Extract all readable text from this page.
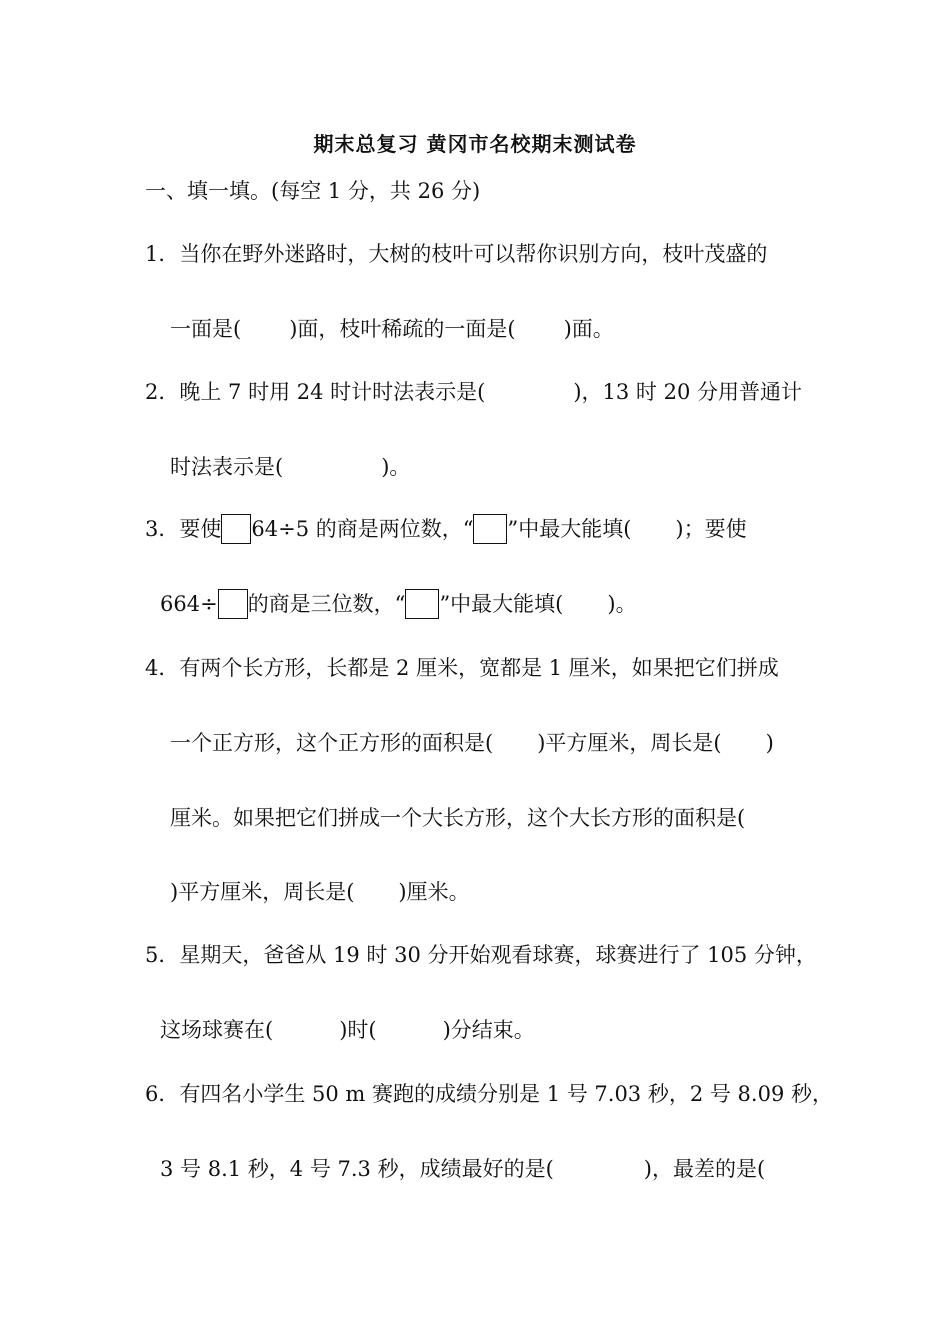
期末总复习 黄冈市名校期末测试卷
一、填一填。(每空 1 分，共 26 分)
1．当你在野外迷路时，大树的枝叶可以帮你识别方向，枝叶茂盛的
一面是( )面，枝叶稀疏的一面是( )面。
2．晚上 7 时用 24 时计时法表示是(	)，13 时 20 分用普通计
时法表示是(	)。
3．要使 64÷5 的商是两位数，“ ”中最大能填( )；要使
664÷ 的商是三位数，“ ”中最大能填( )。
4．有两个长方形，长都是 2 厘米，宽都是 1 厘米，如果把它们拼成
一个正方形，这个正方形的面积是( )平方厘米，周长是( )
厘米。如果把它们拼成一个大长方形，这个大长方形的面积是(
)平方厘米，周长是( )厘米。
5．星期天，爸爸从 19 时 30 分开始观看球赛，球赛进行了 105 分钟，
这场球赛在(	)时(	)分结束。
6．有四名小学生 50 m 赛跑的成绩分别是 1 号 7.03 秒，2 号 8.09 秒，
3 号 8.1 秒，4 号 7.3 秒，成绩最好的是(	)，最差的是(
